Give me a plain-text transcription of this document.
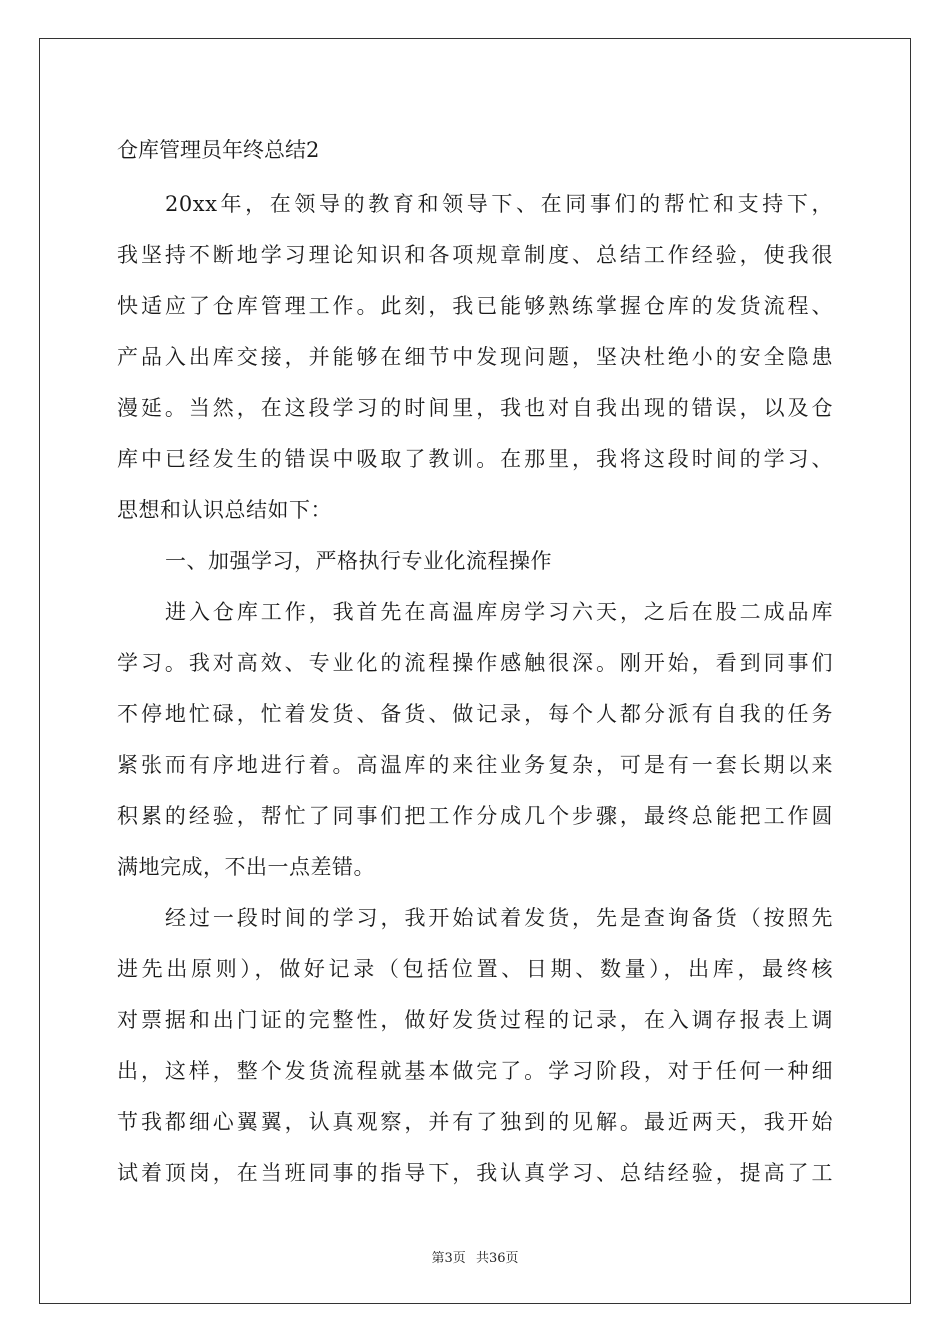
仓库管理员年终总结2
20xx年，在领导的教育和领导下、在同事们的帮忙和支持下，
我坚持不断地学习理论知识和各项规章制度、总结工作经验，使我很
快适应了仓库管理工作。此刻，我已能够熟练掌握仓库的发货流程、
产品入出库交接，并能够在细节中发现问题，坚决杜绝小的安全隐患
漫延。当然，在这段学习的时间里，我也对自我出现的错误，以及仓
库中已经发生的错误中吸取了教训。在那里，我将这段时间的学习、
思想和认识总结如下：
一、加强学习，严格执行专业化流程操作
进入仓库工作，我首先在高温库房学习六天，之后在股二成品库
学习。我对高效、专业化的流程操作感触很深。刚开始，看到同事们
不停地忙碌，忙着发货、备货、做记录，每个人都分派有自我的任务
紧张而有序地进行着。高温库的来往业务复杂，可是有一套长期以来
积累的经验，帮忙了同事们把工作分成几个步骤，最终总能把工作圆
满地完成，不出一点差错。
经过一段时间的学习，我开始试着发货，先是查询备货（按照先
进先出原则），做好记录（包括位置、日期、数量），出库，最终核
对票据和出门证的完整性，做好发货过程的记录，在入调存报表上调
出，这样，整个发货流程就基本做完了。学习阶段，对于任何一种细
节我都细心翼翼，认真观察，并有了独到的见解。最近两天，我开始
试着顶岗，在当班同事的指导下，我认真学习、总结经验，提高了工
第3页 共36页
